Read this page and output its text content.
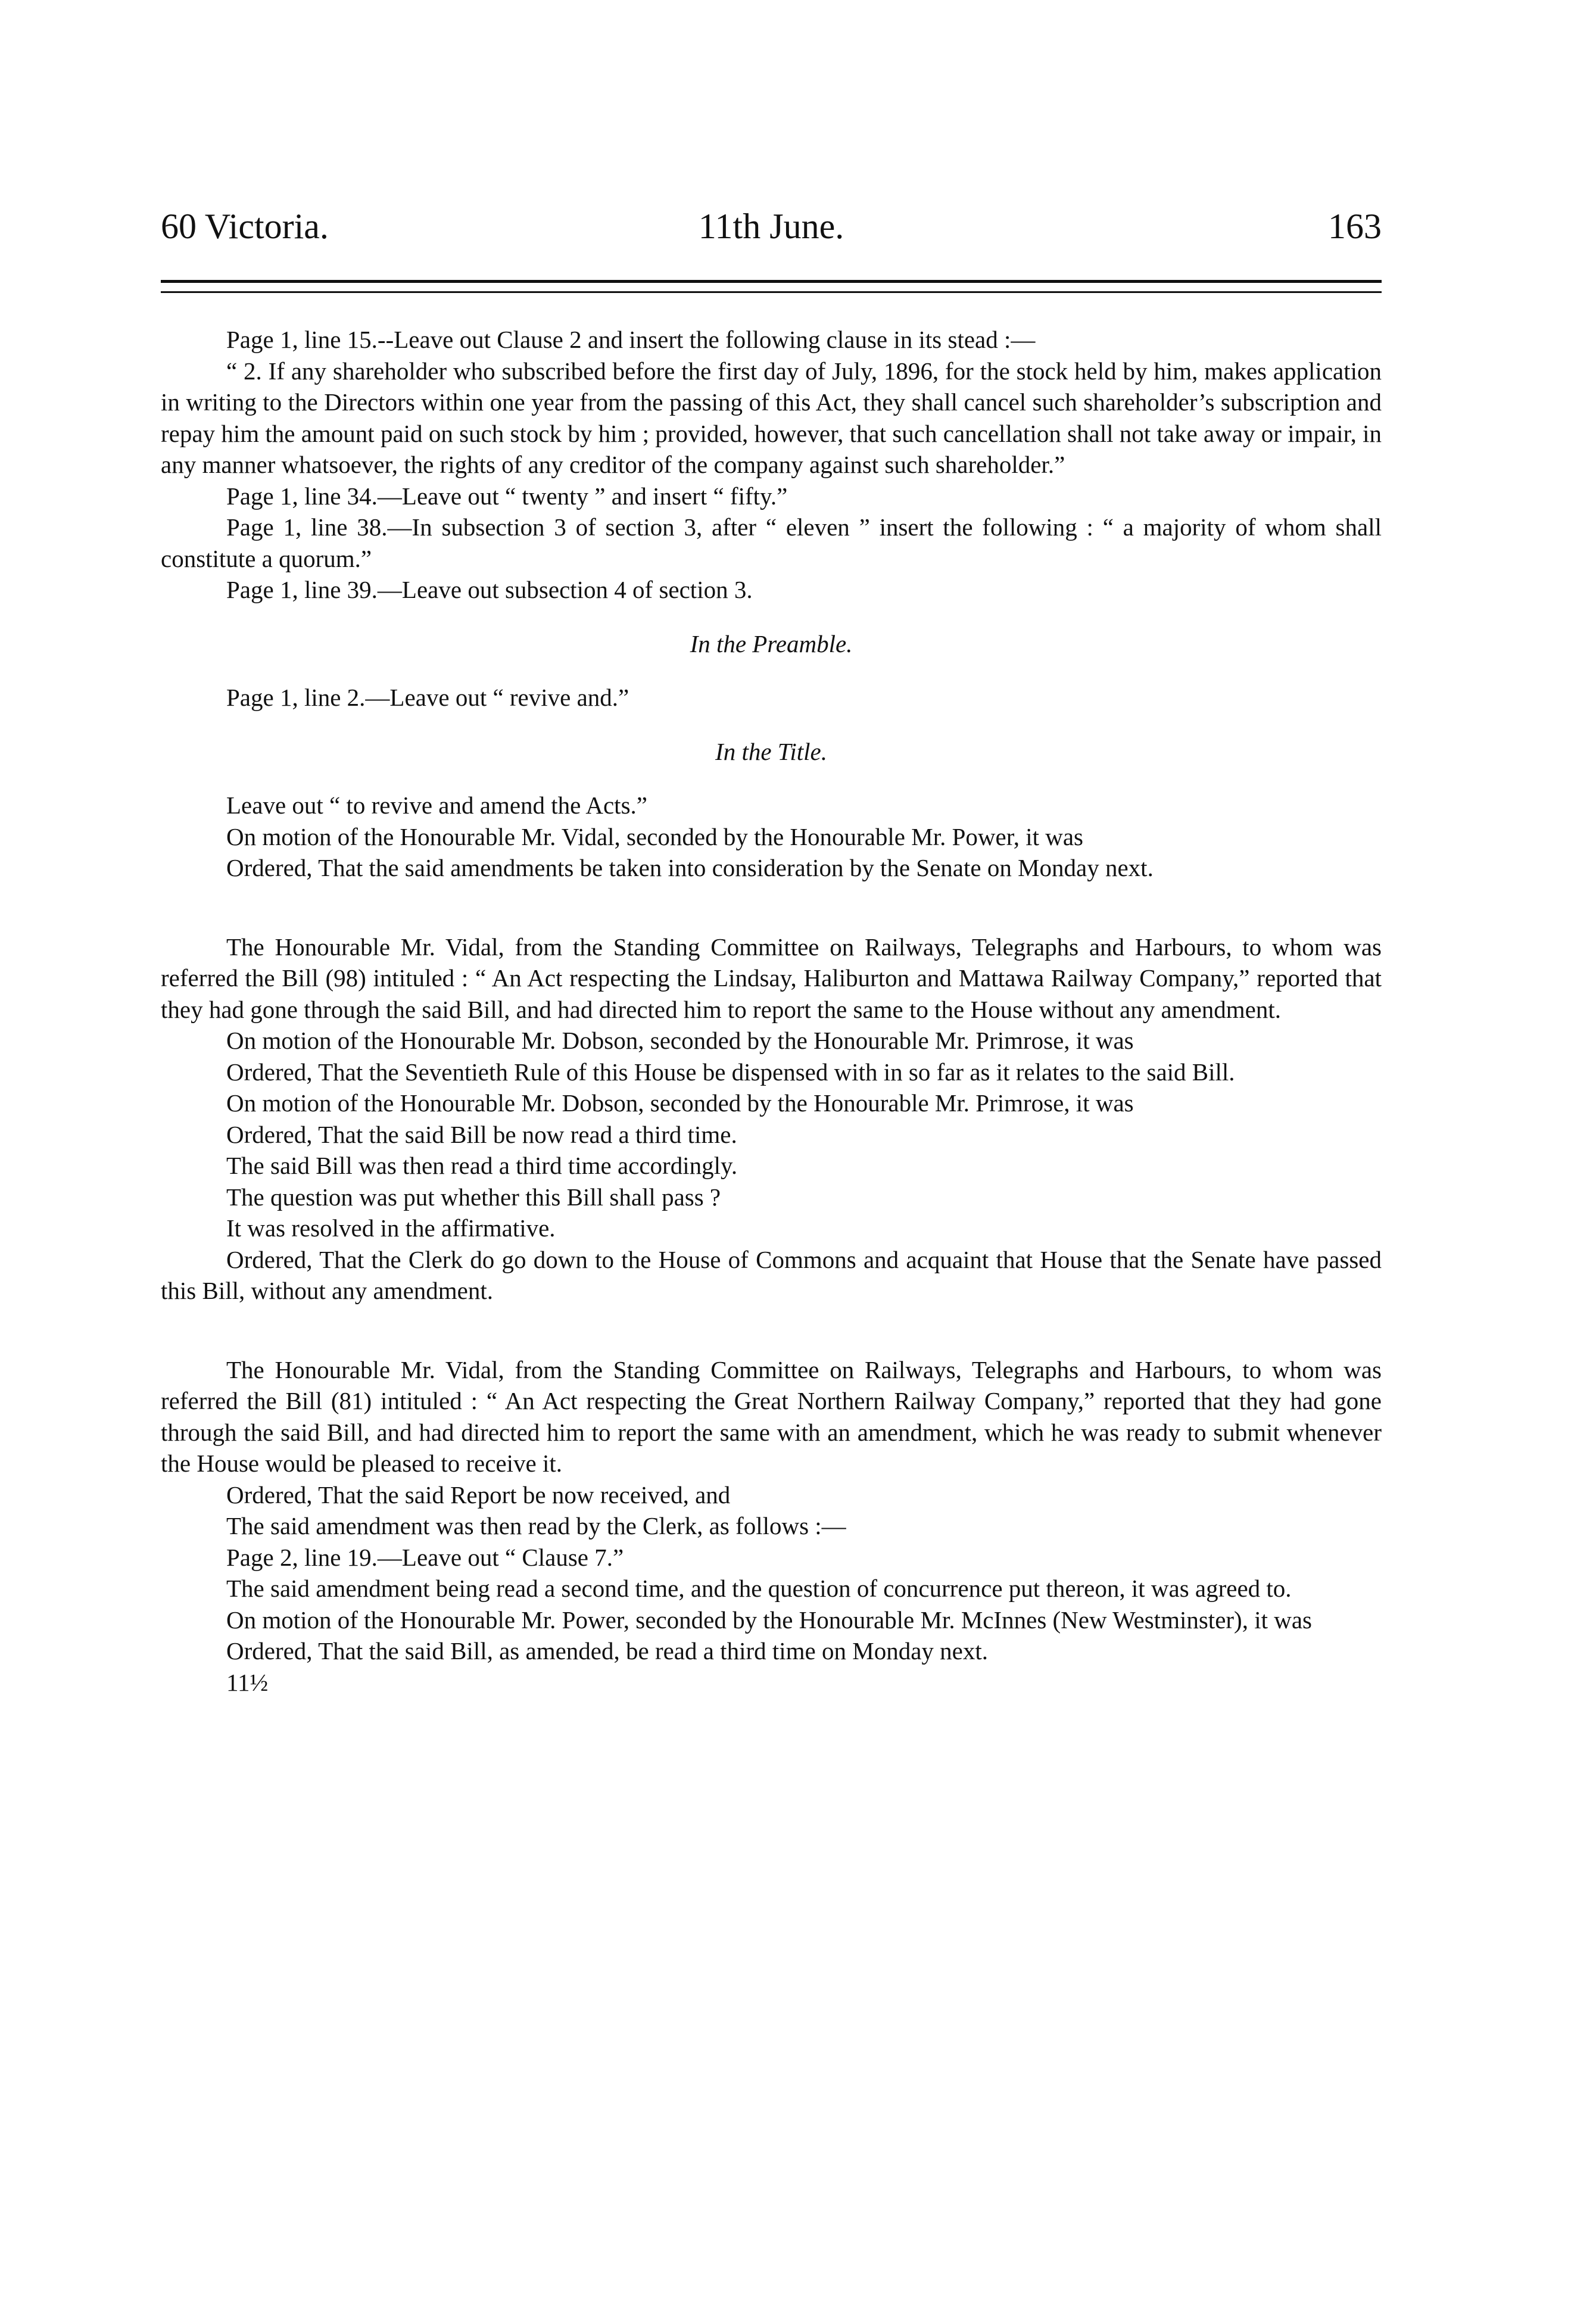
60 Victoria.	11th June.	163

Page 1, line 15.--Leave out Clause 2 and insert the following clause in its stead :—

“ 2. If any shareholder who subscribed before the first day of July, 1896, for the stock held by him, makes application in writing to the Directors within one year from the passing of this Act, they shall cancel such shareholder’s subscription and repay him the amount paid on such stock by him ; provided, however, that such cancellation shall not take away or impair, in any manner whatsoever, the rights of any creditor of the company against such shareholder.”

Page 1, line 34.—Leave out “ twenty ” and insert “ fifty.”

Page 1, line 38.—In subsection 3 of section 3, after “ eleven ” insert the following : “ a majority of whom shall constitute a quorum.”

Page 1, line 39.—Leave out subsection 4 of section 3.

In the Preamble.

Page 1, line 2.—Leave out “ revive and.”

In the Title.

Leave out “ to revive and amend the Acts.”

On motion of the Honourable Mr. Vidal, seconded by the Honourable Mr. Power, it was

Ordered, That the said amendments be taken into consideration by the Senate on Monday next.

The Honourable Mr. Vidal, from the Standing Committee on Railways, Telegraphs and Harbours, to whom was referred the Bill (98) intituled : “ An Act respecting the Lindsay, Haliburton and Mattawa Railway Company,” reported that they had gone through the said Bill, and had directed him to report the same to the House without any amendment.

On motion of the Honourable Mr. Dobson, seconded by the Honourable Mr. Primrose, it was

Ordered, That the Seventieth Rule of this House be dispensed with in so far as it relates to the said Bill.

On motion of the Honourable Mr. Dobson, seconded by the Honourable Mr. Primrose, it was

Ordered, That the said Bill be now read a third time.

The said Bill was then read a third time accordingly.

The question was put whether this Bill shall pass ?

It was resolved in the affirmative.

Ordered, That the Clerk do go down to the House of Commons and acquaint that House that the Senate have passed this Bill, without any amendment.

The Honourable Mr. Vidal, from the Standing Committee on Railways, Telegraphs and Harbours, to whom was referred the Bill (81) intituled : “ An Act respecting the Great Northern Railway Company,” reported that they had gone through the said Bill, and had directed him to report the same with an amendment, which he was ready to submit whenever the House would be pleased to receive it.

Ordered, That the said Report be now received, and

The said amendment was then read by the Clerk, as follows :—

Page 2, line 19.—Leave out “ Clause 7.”

The said amendment being read a second time, and the question of concurrence put thereon, it was agreed to.

On motion of the Honourable Mr. Power, seconded by the Honourable Mr. McInnes (New Westminster), it was

Ordered, That the said Bill, as amended, be read a third time on Monday next.

11½
